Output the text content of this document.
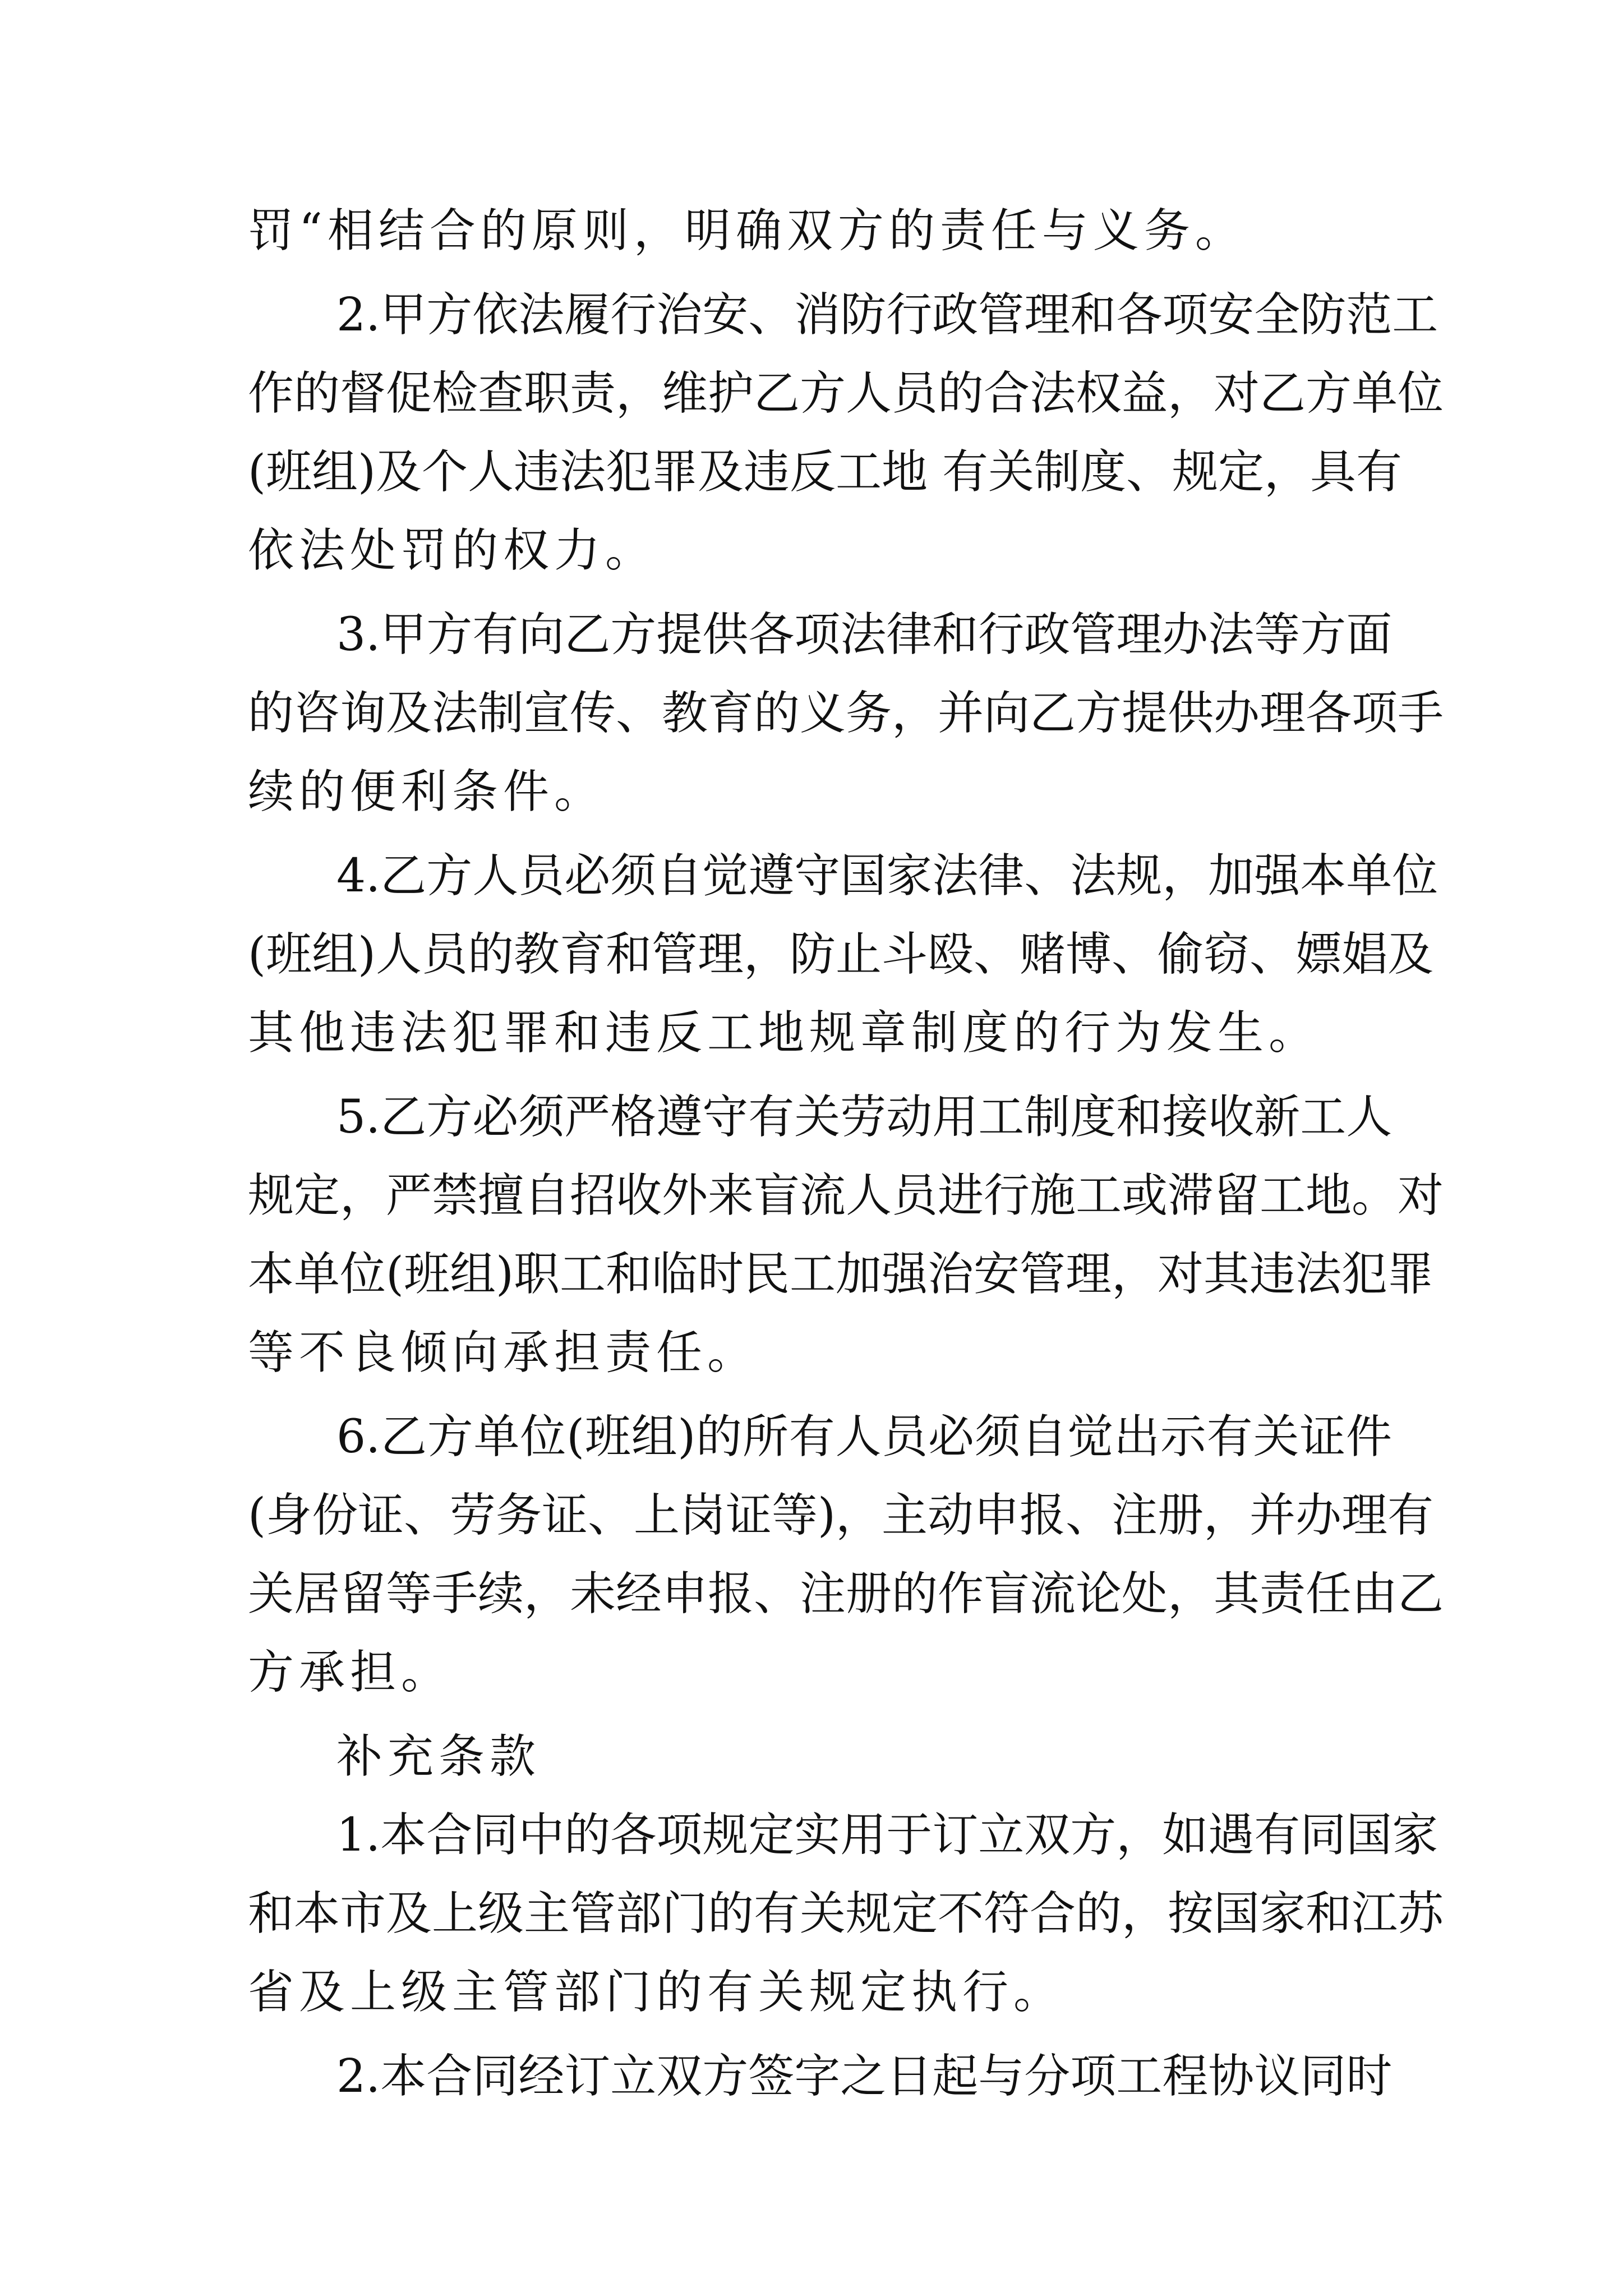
罚“相结合的原则，明确双方的责任与义务。
2.甲方依法履行治安、消防行政管理和各项安全防范工
作的督促检查职责，维护乙方人员的合法权益，对乙方单位
(班组)及个人违法犯罪及违反工地 有关制度、规定，具有
依法处罚的权力。
3.甲方有向乙方提供各项法律和行政管理办法等方面
的咨询及法制宣传、教育的义务，并向乙方提供办理各项手
续的便利条件。
4.乙方人员必须自觉遵守国家法律、法规，加强本单位
(班组)人员的教育和管理，防止斗殴、赌博、偷窃、嫖娼及
其他违法犯罪和违反工地规章制度的行为发生。
5.乙方必须严格遵守有关劳动用工制度和接收新工人
规定，严禁擅自招收外来盲流人员进行施工或滞留工地。对
本单位(班组)职工和临时民工加强治安管理，对其违法犯罪
等不良倾向承担责任。
6.乙方单位(班组)的所有人员必须自觉出示有关证件
(身份证、劳务证、上岗证等)，主动申报、注册，并办理有
关居留等手续，未经申报、注册的作盲流论处，其责任由乙
方承担。
补充条款
1.本合同中的各项规定实用于订立双方，如遇有同国家
和本市及上级主管部门的有关规定不符合的，按国家和江苏
省及上级主管部门的有关规定执行。
2.本合同经订立双方签字之日起与分项工程协议同时
